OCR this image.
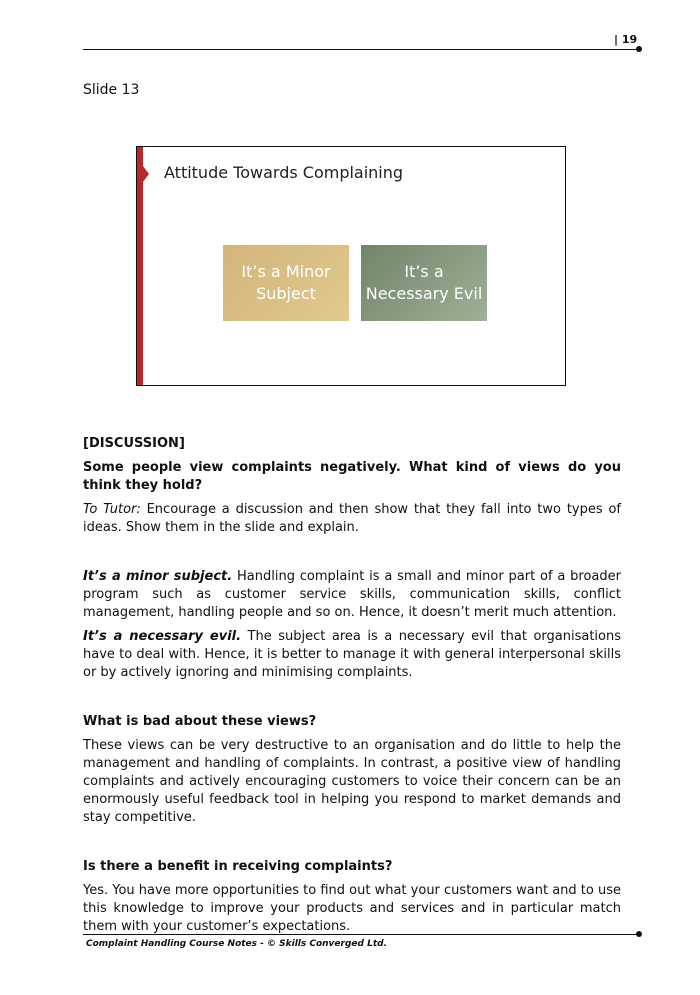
| 19
Slide 13
Attitude Towards Complaining
It’s a Minor Subject
It’s a Necessary Evil

[DISCUSSION]

Some people view complaints negatively. What kind of views do you think they hold?

To Tutor: Encourage a discussion and then show that they fall into two types of ideas. Show them in the slide and explain.

It’s a minor subject. Handling complaint is a small and minor part of a broader program such as customer service skills, communication skills, conflict management, handling people and so on. Hence, it doesn’t merit much attention.

It’s a necessary evil. The subject area is a necessary evil that organisations have to deal with. Hence, it is better to manage it with general interpersonal skills or by actively ignoring and minimising complaints.

What is bad about these views?

These views can be very destructive to an organisation and do little to help the management and handling of complaints. In contrast, a positive view of handling complaints and actively encouraging customers to voice their concern can be an enormously useful feedback tool in helping you respond to market demands and stay competitive.

Is there a benefit in receiving complaints?

Yes. You have more opportunities to find out what your customers want and to use this knowledge to improve your products and services and in particular match them with your customer’s expectations.

Complaint Handling Course Notes - © Skills Converged Ltd.
